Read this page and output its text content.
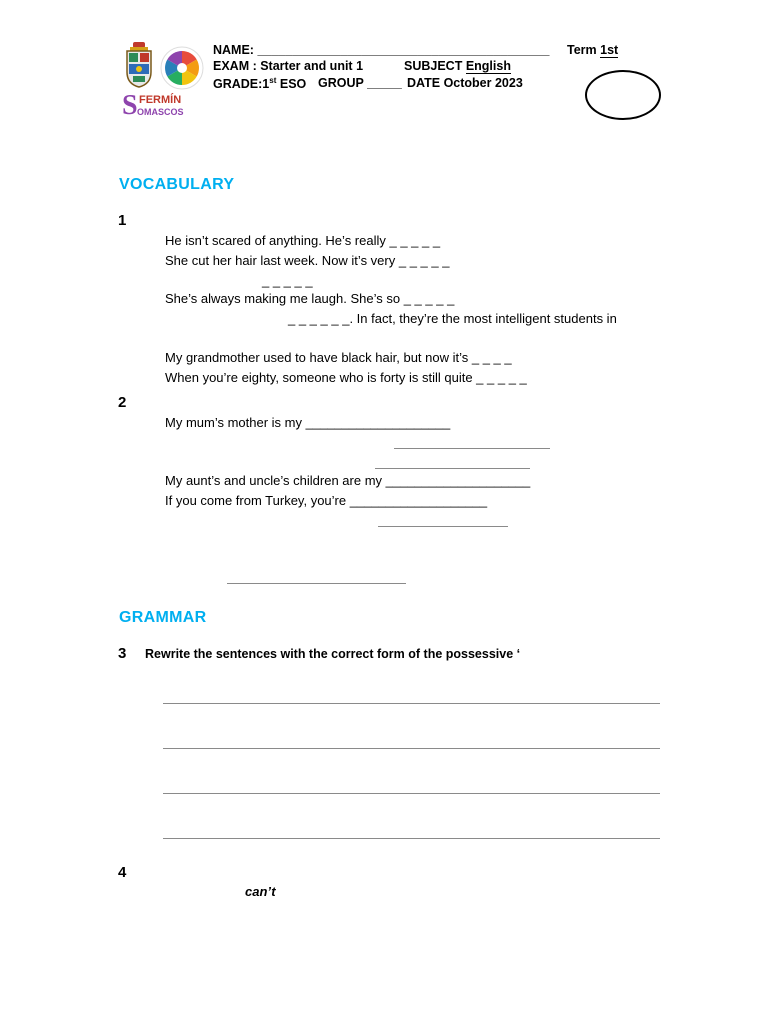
S FERMÍN
OMASCOS
NAME: __________________________________________ Term 1st
EXAM : Starter and unit 1	SUBJECT English
GRADE:1st ESO GROUP _____ DATE October 2023
VOCABULARY
1
He isn’t scared of anything. He’s really _ _ _ _ _
She cut her hair last week. Now it’s very _ _ _ _ _
_ _ _ _ _
She’s always making me laugh. She’s so _ _ _ _ _
_ _ _ _ _ _. In fact, they’re the most intelligent students in
My grandmother used to have black hair, but now it’s _ _ _ _
When you’re eighty, someone who is forty is still quite _ _ _ _ _
2
My mum’s mother is my ____________________
My aunt’s and uncle’s children are my ____________________
If you come from Turkey, you’re ___________________
GRAMMAR
3 Rewrite the sentences with the correct form of the possessive ‘
4
can’t
